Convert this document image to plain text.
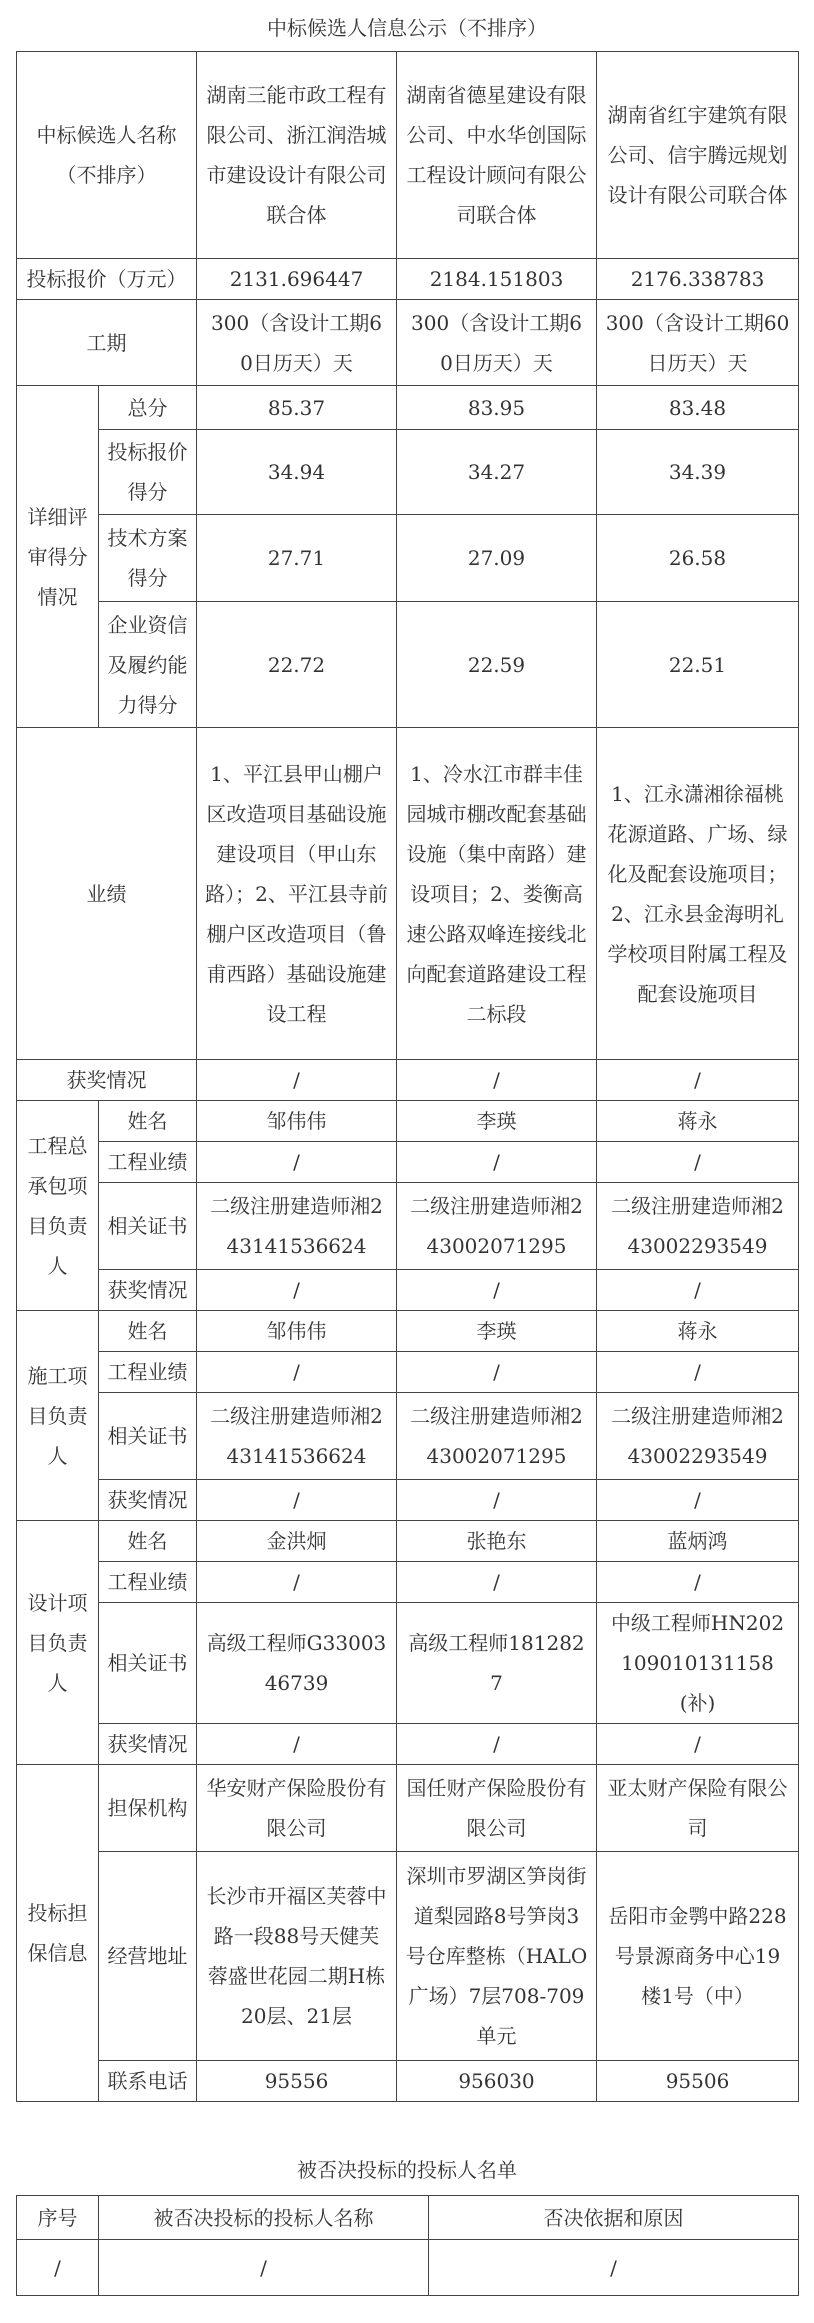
中标候选人信息公示（不排序）
中标候选人名称（不排序）		湖南三能市政工程有限公司、浙江润浩城市建设设计有限公司联合体	湖南省德星建设有限公司、中水华创国际工程设计顾问有限公司联合体	湖南省红宇建筑有限公司、信宇腾远规划设计有限公司联合体
投标报价（万元）		2131.696447	2184.151803	2176.338783
工期		300（含设计工期60日历天）天	300（含设计工期60日历天）天	300（含设计工期60日历天）天
详细评审得分情况	总分	85.37	83.95	83.48
	投标报价得分	34.94	34.27	34.39
	技术方案得分	27.71	27.09	26.58
	企业资信及履约能力得分	22.72	22.59	22.51
业绩		1、平江县甲山棚户区改造项目基础设施建设项目（甲山东路）；2、平江县寺前棚户区改造项目（鲁甫西路）基础设施建设工程	1、冷水江市群丰佳园城市棚改配套基础设施（集中南路）建设项目；2、娄衡高速公路双峰连接线北向配套道路建设工程二标段	1、江永潇湘徐福桃花源道路、广场、绿化及配套设施项目；2、江永县金海明礼学校项目附属工程及配套设施项目
获奖情况		/	/	/
工程总承包项目负责人	姓名	邹伟伟	李瑛	蒋永
	工程业绩	/	/	/
	相关证书	二级注册建造师湘243141536624	二级注册建造师湘243002071295	二级注册建造师湘243002293549
	获奖情况	/	/	/
施工项目负责人	姓名	邹伟伟	李瑛	蒋永
	工程业绩	/	/	/
	相关证书	二级注册建造师湘243141536624	二级注册建造师湘243002071295	二级注册建造师湘243002293549
	获奖情况	/	/	/
设计项目负责人	姓名	金洪炯	张艳东	蓝炳鸿
	工程业绩	/	/	/
	相关证书	高级工程师G3300346739	高级工程师1812827	中级工程师HN202109010131158(补)
	获奖情况	/	/	/
投标担保信息	担保机构	华安财产保险股份有限公司	国任财产保险股份有限公司	亚太财产保险有限公司
	经营地址	长沙市开福区芙蓉中路一段88号天健芙蓉盛世花园二期H栋20层、21层	深圳市罗湖区笋岗街道梨园路8号笋岗3号仓库整栋（HALO广场）7层708-709单元	岳阳市金鹗中路228号景源商务中心19楼1号（中）
	联系电话	95556	956030	95506
被否决投标的投标人名单
序号	被否决投标的投标人名称	否决依据和原因
/	/	/
